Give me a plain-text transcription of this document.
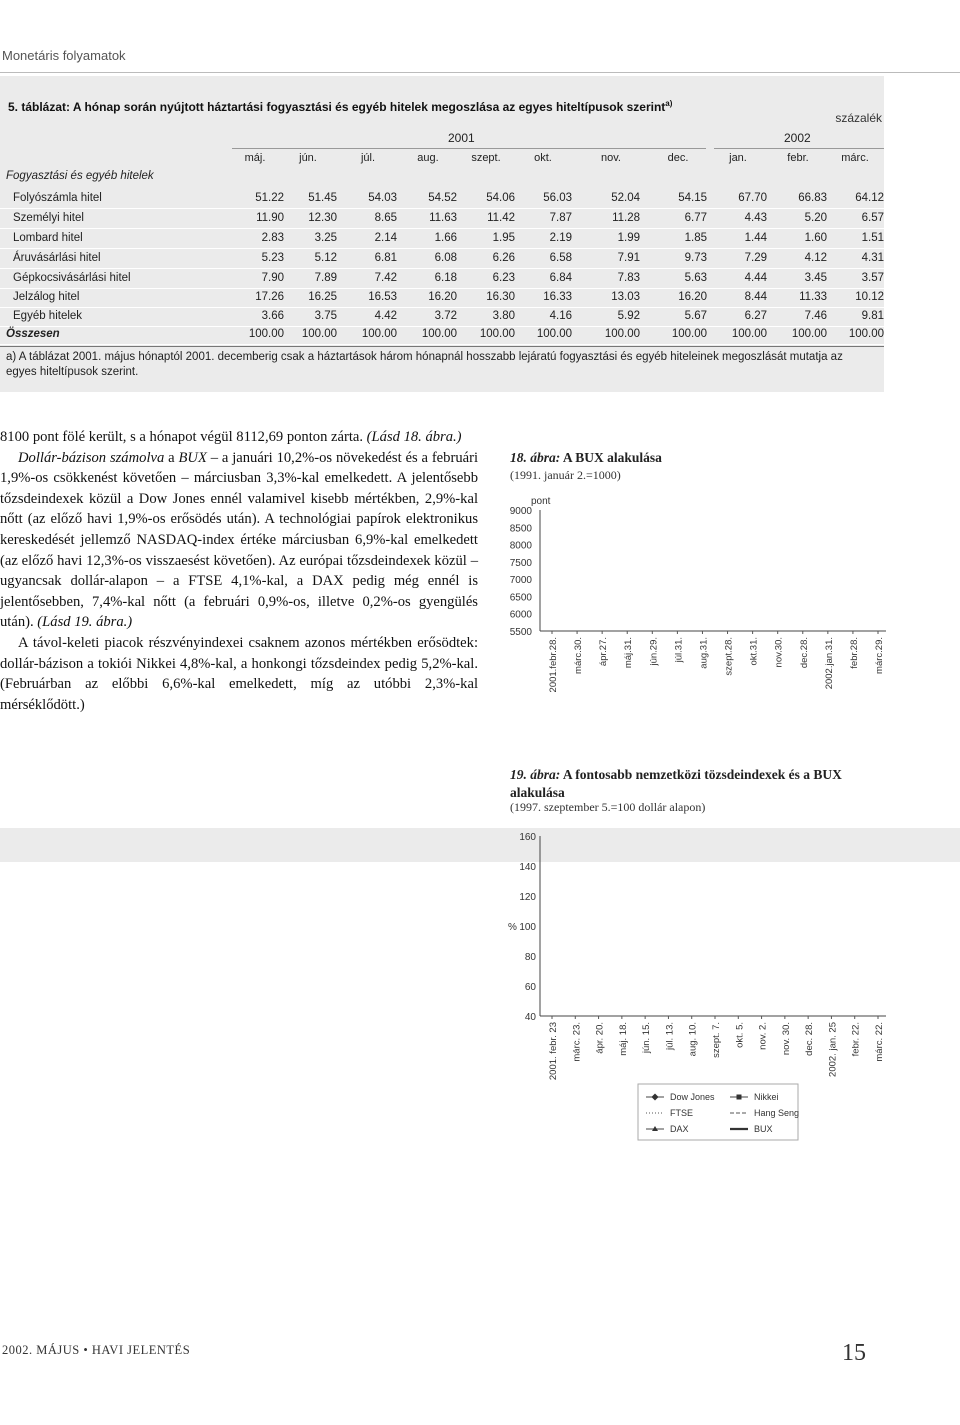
Monetáris folyamatok
5. táblázat: A hónap során nyújtott háztartási fogyasztási és egyéb hitelek megoszlása az egyes hiteltípusok szerint$^{a)}$
százalék
2001	2002
máj.	jún.	júl.	aug.	szept.	okt.	nov.	dec.	jan.	febr.	márc.
Fogyasztási és egyéb hitelek
Folyószámla hitel	51.22	51.45	54.03	54.52	54.06	56.03	52.04	54.15	67.70	66.83	64.12
Személyi hitel	11.90	12.30	8.65	11.63	11.42	7.87	11.28	6.77	4.43	5.20	6.57
Lombard hitel	2.83	3.25	2.14	1.66	1.95	2.19	1.99	1.85	1.44	1.60	1.51
Áruvásárlási hitel	5.23	5.12	6.81	6.08	6.26	6.58	7.91	9.73	7.29	4.12	4.31
Gépkocsivásárlási hitel	7.90	7.89	7.42	6.18	6.23	6.84	7.83	5.63	4.44	3.45	3.57
Jelzálog hitel	17.26	16.25	16.53	16.20	16.30	16.33	13.03	16.20	8.44	11.33	10.12
Egyéb hitelek	3.66	3.75	4.42	3.72	3.80	4.16	5.92	5.67	6.27	7.46	9.81
Összesen	100.00	100.00	100.00	100.00	100.00	100.00	100.00	100.00	100.00	100.00	100.00
a) A táblázat 2001. május hónaptól 2001. decemberig csak a háztartások három hónapnál hosszabb lejáratú fogyasztási és egyéb hiteleinek megoszlását mutatja az egyes hiteltípusok szerint.

8100 pont fölé került, s a hónapot végül 8112,69 ponton zárta. (Lásd 18. ábra.)

Dollár-bázison számolva a BUX – a januári 10,2%-os növekedést és a februári 1,9%-os csökkenést követően – márciusban 3,3%-kal emelkedett. A jelentősebb tőzsdeindexek közül a Dow Jones ennél valamivel kisebb mértékben, 2,9%-kal nőtt (az előző havi 1,9%-os erősödés után). A technológiai papírok elektronikus kereskedését jellemző NASDAQ-index értéke márciusban 6,9%-kal emelkedett (az előző havi 12,3%-os visszaesést követően). Az európai tőzsdeindexek közül – ugyancsak dollár-alapon – a FTSE 4,1%-kal, a DAX pedig még ennél is jelentősebben, 7,4%-kal nőtt (a februári 0,9%-os, illetve 0,2%-os gyengülés után). (Lásd 19. ábra.)

A távol-keleti piacok részvényindexei csaknem azonos mértékben erősödtek: dollár-bázison a tokiói Nikkei 4,8%-kal, a honkongi tőzsdeindex pedig 5,2%-kal. (Februárban az előbbi 6,6%-kal emelkedett, míg az utóbbi 2,3%-kal mérséklődött.)

18. ábra: A BUX alakulása
(1991. január 2.=1000)
pont
9000
8500
8000
7500
7000
6500
6000
5500
2001.febr.28. márc.30. ápr.27. máj.31. jún.29. júl.31. aug.31. szept.28. okt.31. nov.30. dec.28. 2002.jan.31. febr.28. márc.29.
19. ábra: A fontosabb nemzetközi tözsdeindexek és a BUX alakulása
(1997. szeptember 5.=100 dollár alapon)
%
160
140
120
100
80
60
40
2001. febr. 23 márc. 23. ápr. 20. máj. 18. jún. 15. júl. 13. aug. 10. szept. 7. okt. 5. nov. 2. nov. 30. dec. 28. 2002. jan. 25 febr. 22. márc. 22.
Dow Jones	Nikkei
FTSE	Hang Seng
DAX	BUX
2002. MÁJUS • HAVI JELENTÉS	15
